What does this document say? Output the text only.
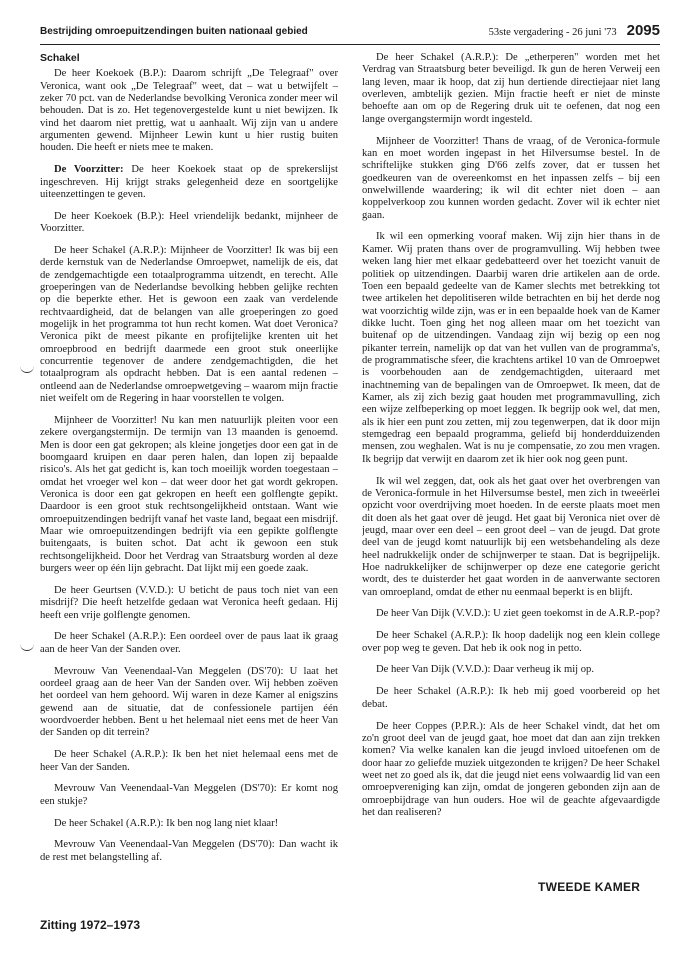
Bestrijding omroepuitzendingen buiten nationaal gebied	53ste vergadering - 26 juni '73 2095
Schakel

De heer Koekoek (B.P.): Daarom schrijft „De Telegraaf" over Veronica, want ook „De Telegraaf" weet, dat – wat u betwijfelt – zeker 70 pct. van de Nederlandse bevolking Veronica zonder meer wil behouden. Dat is zo. Het tegenovergestelde kunt u niet bewijzen. Ik vind het daarom niet prettig, wat u aanhaalt. Wij zijn van u andere argumenten gewend. Mijnheer Lewin kunt u hier rustig buiten houden. Die heeft er niets mee te maken.

De Voorzitter: De heer Koekoek staat op de sprekerslijst ingeschreven. Hij krijgt straks gelegenheid deze en soortgelijke uiteenzettingen te geven.

De heer Koekoek (B.P.): Heel vriendelijk bedankt, mijnheer de Voorzitter.

De heer Schakel (A.R.P.): Mijnheer de Voorzitter! Ik was bij een derde kernstuk van de Nederlandse Omroepwet, namelijk de eis, dat de zendgemachtigde een totaalprogramma uitzendt, en terecht. Alle groeperingen van de Nederlandse bevolking hebben gelijke rechten op die beperkte ether. Het is gewoon een zaak van verdelende rechtvaardigheid, dat de belangen van alle groeperingen zo goed mogelijk in het programma tot hun recht komen. Wat doet Veronica? Veronica pikt de meest pikante en profijtelijke krenten uit het omroepbrood en bedrijft daarmede een groot stuk oneerlijke concurrentie tegenover de andere zendgemachtigden, die het totaalprogram als opdracht hebben. Dat is een aantal redenen – ontleend aan de Nederlandse omroepwetgeving – waarom mijn fractie niet weifelt om de Regering in haar voorstellen te volgen.

Mijnheer de Voorzitter! Nu kan men natuurlijk pleiten voor een zekere overgangstermijn. De termijn van 13 maanden is genoemd. Men is door een gat gekropen; als kleine jongetjes door een gat in de boomgaard kruipen en daar peren halen, dan lopen zij bepaalde risico's. Als het gat gedicht is, kan toch moeilijk worden toegestaan – omdat het vroeger wel kon – dat weer door het gat wordt gekropen. Veronica is door een gat gekropen en heeft een golflengte gepikt. Daardoor is een groot stuk rechtsongelijkheid ontstaan. Want wie omroepuitzendingen bedrijft vanaf het vaste land, begaat een misdrijf. Maar wie omroepuitzendingen bedrijft via een gepikte golflengte buitengaats, is buiten schot. Dat acht ik gewoon een stuk rechtsongelijkheid. Door het Verdrag van Straatsburg worden al deze burgers weer op één lijn gebracht. Dat lijkt mij een goede zaak.

De heer Geurtsen (V.V.D.): U beticht de paus toch niet van een misdrijf? Die heeft hetzelfde gedaan wat Veronica heeft gedaan. Hij heeft een vrije golflengte genomen.

De heer Schakel (A.R.P.): Een oordeel over de paus laat ik graag aan de heer Van der Sanden over.

Mevrouw Van Veenendaal-Van Meggelen (DS'70): U laat het oordeel graag aan de heer Van der Sanden over. Wij hebben zoëven het oordeel van hem gehoord. Wij waren in deze Kamer al enigszins gewend aan de situatie, dat de confessionele partijen één woordvoerder hebben. Bent u het helemaal niet eens met de heer Van der Sanden op dit terrein?

De heer Schakel (A.R.P.): Ik ben het niet helemaal eens met de heer Van der Sanden.

Mevrouw Van Veenendaal-Van Meggelen (DS'70): Er komt nog een stukje?

De heer Schakel (A.R.P.): Ik ben nog lang niet klaar!

Mevrouw Van Veenendaal-Van Meggelen (DS'70): Dan wacht ik de rest met belangstelling af.

De heer Schakel (A.R.P.): De „etherperen" worden met het Verdrag van Straatsburg beter beveiligd. Ik gun de heren Verweij een lang leven, maar ik hoop, dat zij hun dertiende directiejaar niet lang overleven, ambtelijk gezien. Mijn fractie heeft er niet de minste behoefte aan om op de Regering druk uit te oefenen, dat nog een lange overgangstermijn wordt ingesteld.

Mijnheer de Voorzitter! Thans de vraag, of de Veronica-formule kan en moet worden ingepast in het Hilversumse bestel. In de schriftelijke stukken ging D'66 zelfs zover, dat er tussen het goedkeuren van de overeenkomst en het inpassen zelfs – bij een onwelwillende waardering; ik wil dit echter niet doen – aan koppelverkoop zou kunnen worden gedacht. Zover wil ik echter niet gaan.

Ik wil een opmerking vooraf maken. Wij zijn hier thans in de Kamer. Wij praten thans over de programvulling. Wij hebben twee weken lang hier met elkaar gedebatteerd over het toezicht vanuit de politiek op uitzendingen. Daarbij waren drie artikelen aan de orde. Toen een bepaald gedeelte van de Kamer slechts met betrekking tot twee artikelen het depolitiseren wilde betrachten en bij het derde nog wat voorzichtig wilde zijn, was er in een bepaalde hoek van de Kamer dikke lucht. Toen ging het nog alleen maar om het toezicht van buitenaf op de uitzendingen. Vandaag zijn wij bezig op een nog pikanter terrein, namelijk op dat van het vullen van de programma's, de programmatische sfeer, die krachtens artikel 10 van de Omroepwet is voorbehouden aan de zendgemachtigden, uiteraard met inachtneming van de bepalingen van de Omroepwet. Ik meen, dat de Kamer, als zij zich bezig gaat houden met programmavulling, zich een wijze zelfbeperking op moet leggen. Ik begrijp ook wel, dat men, als ik hier een punt zou zetten, mij zou tegenwerpen, dat ik door mijn stemgedrag een bepaald programma, geliefd bij honderdduizenden mensen, zou weghalen. Wat is nu je compensatie, zo zou men vragen. Ik begrijp dat verwijt en daarom zet ik hier ook nog geen punt.

Ik wil wel zeggen, dat, ook als het gaat over het overbrengen van de Veronica-formule in het Hilversumse bestel, men zich in tweeërlei opzicht voor overdrijving moet hoeden. In de eerste plaats moet men dit doen als het gaat over dè jeugd. Het gaat bij Veronica niet over dè jeugd, maar over een deel – een groot deel – van de jeugd. Dat grote deel van de jeugd komt natuurlijk bij een wetsbehandeling als deze heel nadrukkelijk onder de schijnwerper te staan. Dat is begrijpelijk. Hoe nadrukkelijker de schijnwerper op deze ene categorie gericht wordt, des te duisterder het gaat worden in de aanverwante sectoren van omroepland, omdat de ether nu eenmaal beperkt is en blijft.

De heer Van Dijk (V.V.D.): U ziet geen toekomst in de A.R.P.-pop?

De heer Schakel (A.R.P.): Ik hoop dadelijk nog een klein college over pop weg te geven. Dat heb ik ook nog in petto.

De heer Van Dijk (V.V.D.): Daar verheug ik mij op.

De heer Schakel (A.R.P.): Ik heb mij goed voorbereid op het debat.

De heer Coppes (P.P.R.): Als de heer Schakel vindt, dat het om zo'n groot deel van de jeugd gaat, hoe moet dat dan aan zijn trekken komen? Via welke kanalen kan die jeugd invloed uitoefenen om de door haar zo geliefde muziek uitgezonden te krijgen? De heer Schakel weet net zo goed als ik, dat die jeugd niet eens volwaardig lid van een omroepvereniging kan zijn, omdat de jongeren gebonden zijn aan de omroepbijdrage van hun ouders. Hoe wil de geachte afgevaardigde het dan realiseren?

TWEEDE KAMER
Zitting 1972–1973
